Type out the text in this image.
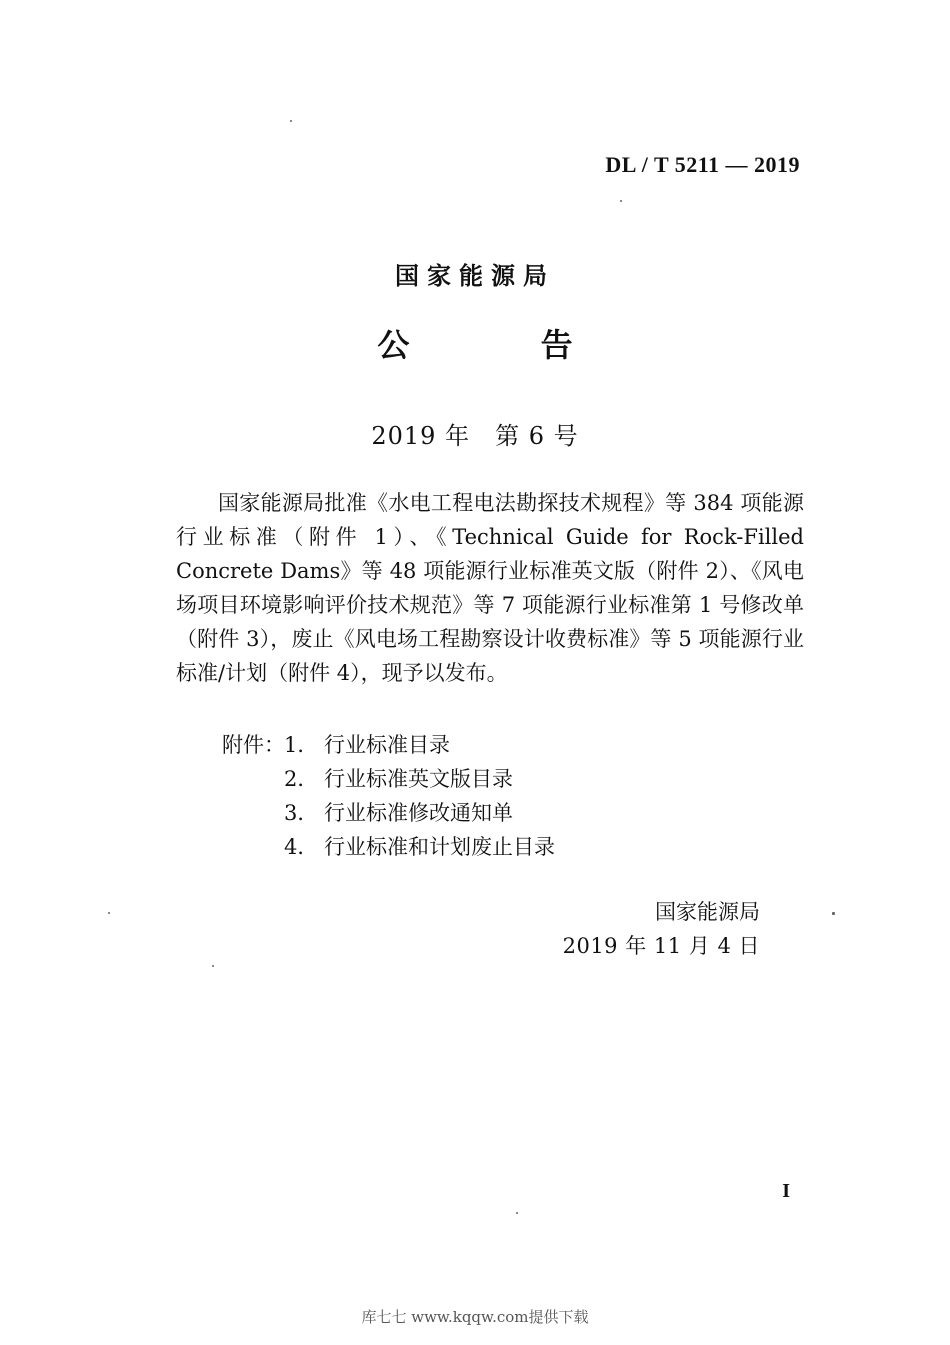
DL / T 5211 — 2019
国家能源局
公 告
2019 年　第 6 号

国家能源局批准《水电工程电法勘探技术规程》等 384 项能源行业标准（附件 1）、《Technical Guide for Rock-Filled Concrete Dams》等 48 项能源行业标准英文版（附件 2）、《风电场项目环境影响评价技术规范》等 7 项能源行业标准第 1 号修改单（附件 3），废止《风电场工程勘察设计收费标准》等 5 项能源行业标准/计划（附件 4），现予以发布。

附件： 1． 行业标准目录
2． 行业标准英文版目录
3． 行业标准修改通知单
4． 行业标准和计划废止目录
国家能源局
2019 年 11 月 4 日
I
库七七 www.kqqw.com提供下载
